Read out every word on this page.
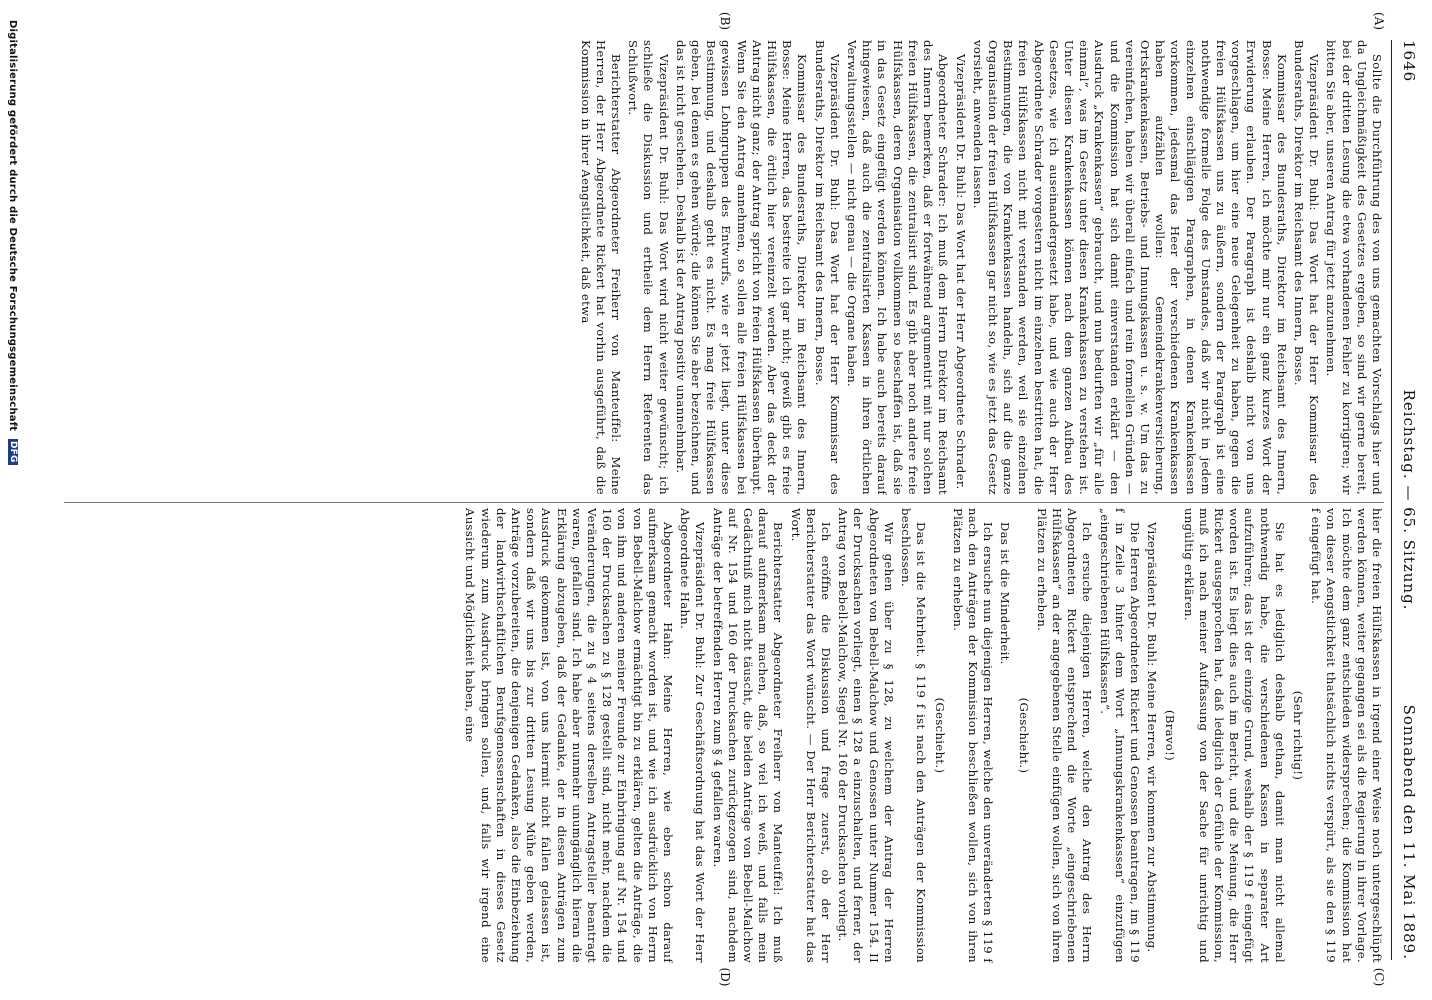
1646
Reichstag. — 65. Sitzung.
Sonnabend den 11. Mai 1889.
(A)
(B)
(C)
(D)

Sollte die Durchführung des von uns gemachten Vorschlags hier und da Ungleichmäßigkeit des Gesetzes ergeben, so sind wir gerne bereit, bei der dritten Lesung die etwa vorhandenen Fehler zu korrigiren; wir bitten Sie aber, unseren Antrag für jetzt anzunehmen.

Vizepräsident Dr. Buhl: Das Wort hat der Herr Kommissar des Bundesraths, Direktor im Reichsamt des Innern, Bosse.

Kommissar des Bundesraths, Direktor im Reichsamt des Innern, Bosse: Meine Herren, ich möchte mir nur ein ganz kurzes Wort der Erwiderung erlauben. Der Paragraph ist deshalb nicht von uns vorgeschlagen, um hier eine neue Gelegenheit zu haben, gegen die freien Hülfskassen uns zu äußern, sondern der Paragraph ist eine nothwendige formelle Folge des Umstandes, daß wir nicht in jedem einzelnen einschlägigen Paragraphen, in denen Krankenkassen vorkommen, jedesmal das Heer der verschiedenen Krankenkassen haben aufzählen wollen: Gemeindekrankenversicherung, Ortskrankenkassen, Betriebs- und Innungskassen u. s. w. Um das zu vereinfachen, haben wir überall einfach und rein formellen Gründen — und die Kommission hat sich damit einverstanden erklärt — den Ausdruck „Krankenkassen“ gebraucht, und nun bedurften wir „für alle einmal“, was im Gesetz unter diesen Krankenkassen zu verstehen ist. Unter diesen Krankenkassen können nach dem ganzen Aufbau des Gesetzes, wie ich auseinandergesetzt habe, und wie auch der Herr Abgeordnete Schrader vorgestern nicht im einzelnen bestritten hat, die freien Hülfskassen nicht mit verstanden werden, weil sie einzelnen Bestimmungen, die von Krankenkassen handeln, sich auf die ganze Organisation der freien Hülfskassen gar nicht so, wie es jetzt das Gesetz vorsieht, anwenden lassen.

Vizepräsident Dr. Buhl: Das Wort hat der Herr Abgeordnete Schrader.

Abgeordneter Schrader: Ich muß dem Herrn Direktor im Reichsamt des Innern bemerken, daß er fortwährend argumentirt mit nur solchen freien Hülfskassen, die zentralisirt sind. Es gibt aber noch andere freie Hülfskassen, deren Organisation vollkommen so beschaffen ist, daß sie in das Gesetz eingefügt werden können. Ich habe auch bereits darauf hingewiesen, daß auch die zentralisirten Kassen in ihren örtlichen Verwaltungsstellen — nicht genau — die Organe haben.

Vizepräsident Dr. Buhl: Das Wort hat der Herr Kommissar des Bundesraths, Direktor im Reichsamt des Innern, Bosse.

Kommissar des Bundesraths, Direktor im Reichsamt des Innern, Bosse: Meine Herren, das bestreite ich gar nicht; gewiß gibt es freie Hülfskassen, die örtlich hier vereinzelt werden. Aber das deckt der Antrag nicht ganz; der Antrag spricht von freien Hülfskassen überhaupt. Wenn Sie den Antrag annehmen, so sollen alle freien Hülfskassen bei gewissen Lohngruppen des Entwurfs, wie er jetzt liegt, unter diese Bestimmung, und deshalb geht es nicht. Es mag freie Hülfskassen geben, bei denen es gehen würde; die können Sie aber bezeichnen, und das ist nicht geschehen. Deshalb ist der Antrag positiv unannehmbar.

Vizepräsident Dr. Buhl: Das Wort wird nicht weiter gewünscht; ich schließe die Diskussion und ertheile dem Herrn Referenten das Schlußwort.

Berichterstatter Abgeordneter Freiherr von Manteuffel: Meine Herren, der Herr Abgeordnete Rickert hat vorhin ausgeführt, daß die Kommission in ihrer Aengstlichkeit, daß etwa

hier die freien Hülfskassen in irgend einer Weise noch untergeschlüpft werden können, weiter gegangen sei als die Regierung in ihrer Vorlage. Ich möchte dem ganz entschieden widersprechen; die Kommission hat von dieser Aengstlichkeit thatsächlich nichts verspürt, als sie den § 119 f eingefügt hat.

(Sehr richtig!)

Sie hat es lediglich deshalb gethan, damit man nicht allemal nothwendig habe, die verschiedenen Kassen in separater Art aufzuführen; das ist der einzige Grund, weshalb der § 119 f eingefügt worden ist. Es liegt dies auch im Bericht, und die Meinung, die Herr Rickert ausgesprochen hat, daß lediglich der Gefühle der Kommission, muß ich nach meiner Auffassung von der Sache für unrichtig und ungültig erklären.

(Bravo!)

Vizepräsident Dr. Buhl: Meine Herren, wir kommen zur Abstimmung.

Die Herren Abgeordneten Rickert und Genossen beantragen, im § 119 f in Zeile 3 hinter dem Wort „Innungskrankenkassen“ einzufügen „eingeschriebenen Hülfskassen“.

Ich ersuche diejenigen Herren, welche den Antrag des Herrn Abgeordneten Rickert entsprechend die Worte „eingeschriebenen Hülfskassen“ an der angegebenen Stelle einfügen wollen, sich von ihren Plätzen zu erheben.

(Geschieht.)

Das ist die Minderheit.

Ich ersuche nun diejenigen Herren, welche den unveränderten § 119 f nach den Anträgen der Kommission beschließen wollen, sich von ihren Plätzen zu erheben.

(Geschieht.)

Das ist die Mehrheit. § 119 f ist nach den Anträgen der Kommission beschlossen.

Wir gehen über zu § 128, zu welchem der Antrag der Herren Abgeordneten von Bebell-Malchow und Genossen unter Nummer 154. II der Drucksachen vorliegt, einen § 128 a einzuschalten, und ferner, der Antrag von Bebell-Malchow, Siegel Nr. 160 der Drucksachen vorliegt.

Ich eröffne die Diskussion und frage zuerst, ob der Herr Berichterstatter das Wort wünscht. — Der Herr Berichterstatter hat das Wort.

Berichterstatter Abgeordneter Freiherr von Manteuffel: Ich muß darauf aufmerksam machen, daß, so viel ich weiß, und falls mein Gedächtniß mich nicht täuscht, die beiden Anträge von Bebell-Malchow auf Nr. 154 und 160 der Drucksachen zurückgezogen sind, nachdem Anträge der betreffenden Herren zum § 4 gefallen waren.

Vizepräsident Dr. Buhl: Zur Geschäftsordnung hat das Wort der Herr Abgeordnete Hahn.

Abgeordneter Hahn: Meine Herren, wie eben schon darauf aufmerksam gemacht worden ist, und wie ich ausdrücklich von Herrn von Bebell-Malchow ermächtigt bin zu erklären, gelten die Anträge, die von ihm und anderen meiner Freunde zur Einbringung auf Nr. 154 und 160 der Drucksachen zu § 128 gestellt sind, nicht mehr, nachdem die Veränderungen, die zu § 4 seitens derselben Antragsteller beantragt waren, gefallen sind. Ich habe aber nunmehr unumgänglich hieran die Erklärung abzugeben, daß der Gedanke, der in diesen Anträgen zum Ausdruck gekommen ist, von uns hiermit nicht fallen gelassen ist, sondern daß wir uns bis zur dritten Lesung Mühe geben werden, Anträge vorzubereiten, die denjenigen Gedanken, also die Einbeziehung der landwirthschaftlichen Berufsgenossenschaften in dieses Gesetz wiederum zum Ausdruck bringen sollen, und, falls wir irgend eine Aussicht und Möglichkeit haben, eine

Digitalisierung gefördert durch die Deutsche Forschungsgemeinschaft DFG
